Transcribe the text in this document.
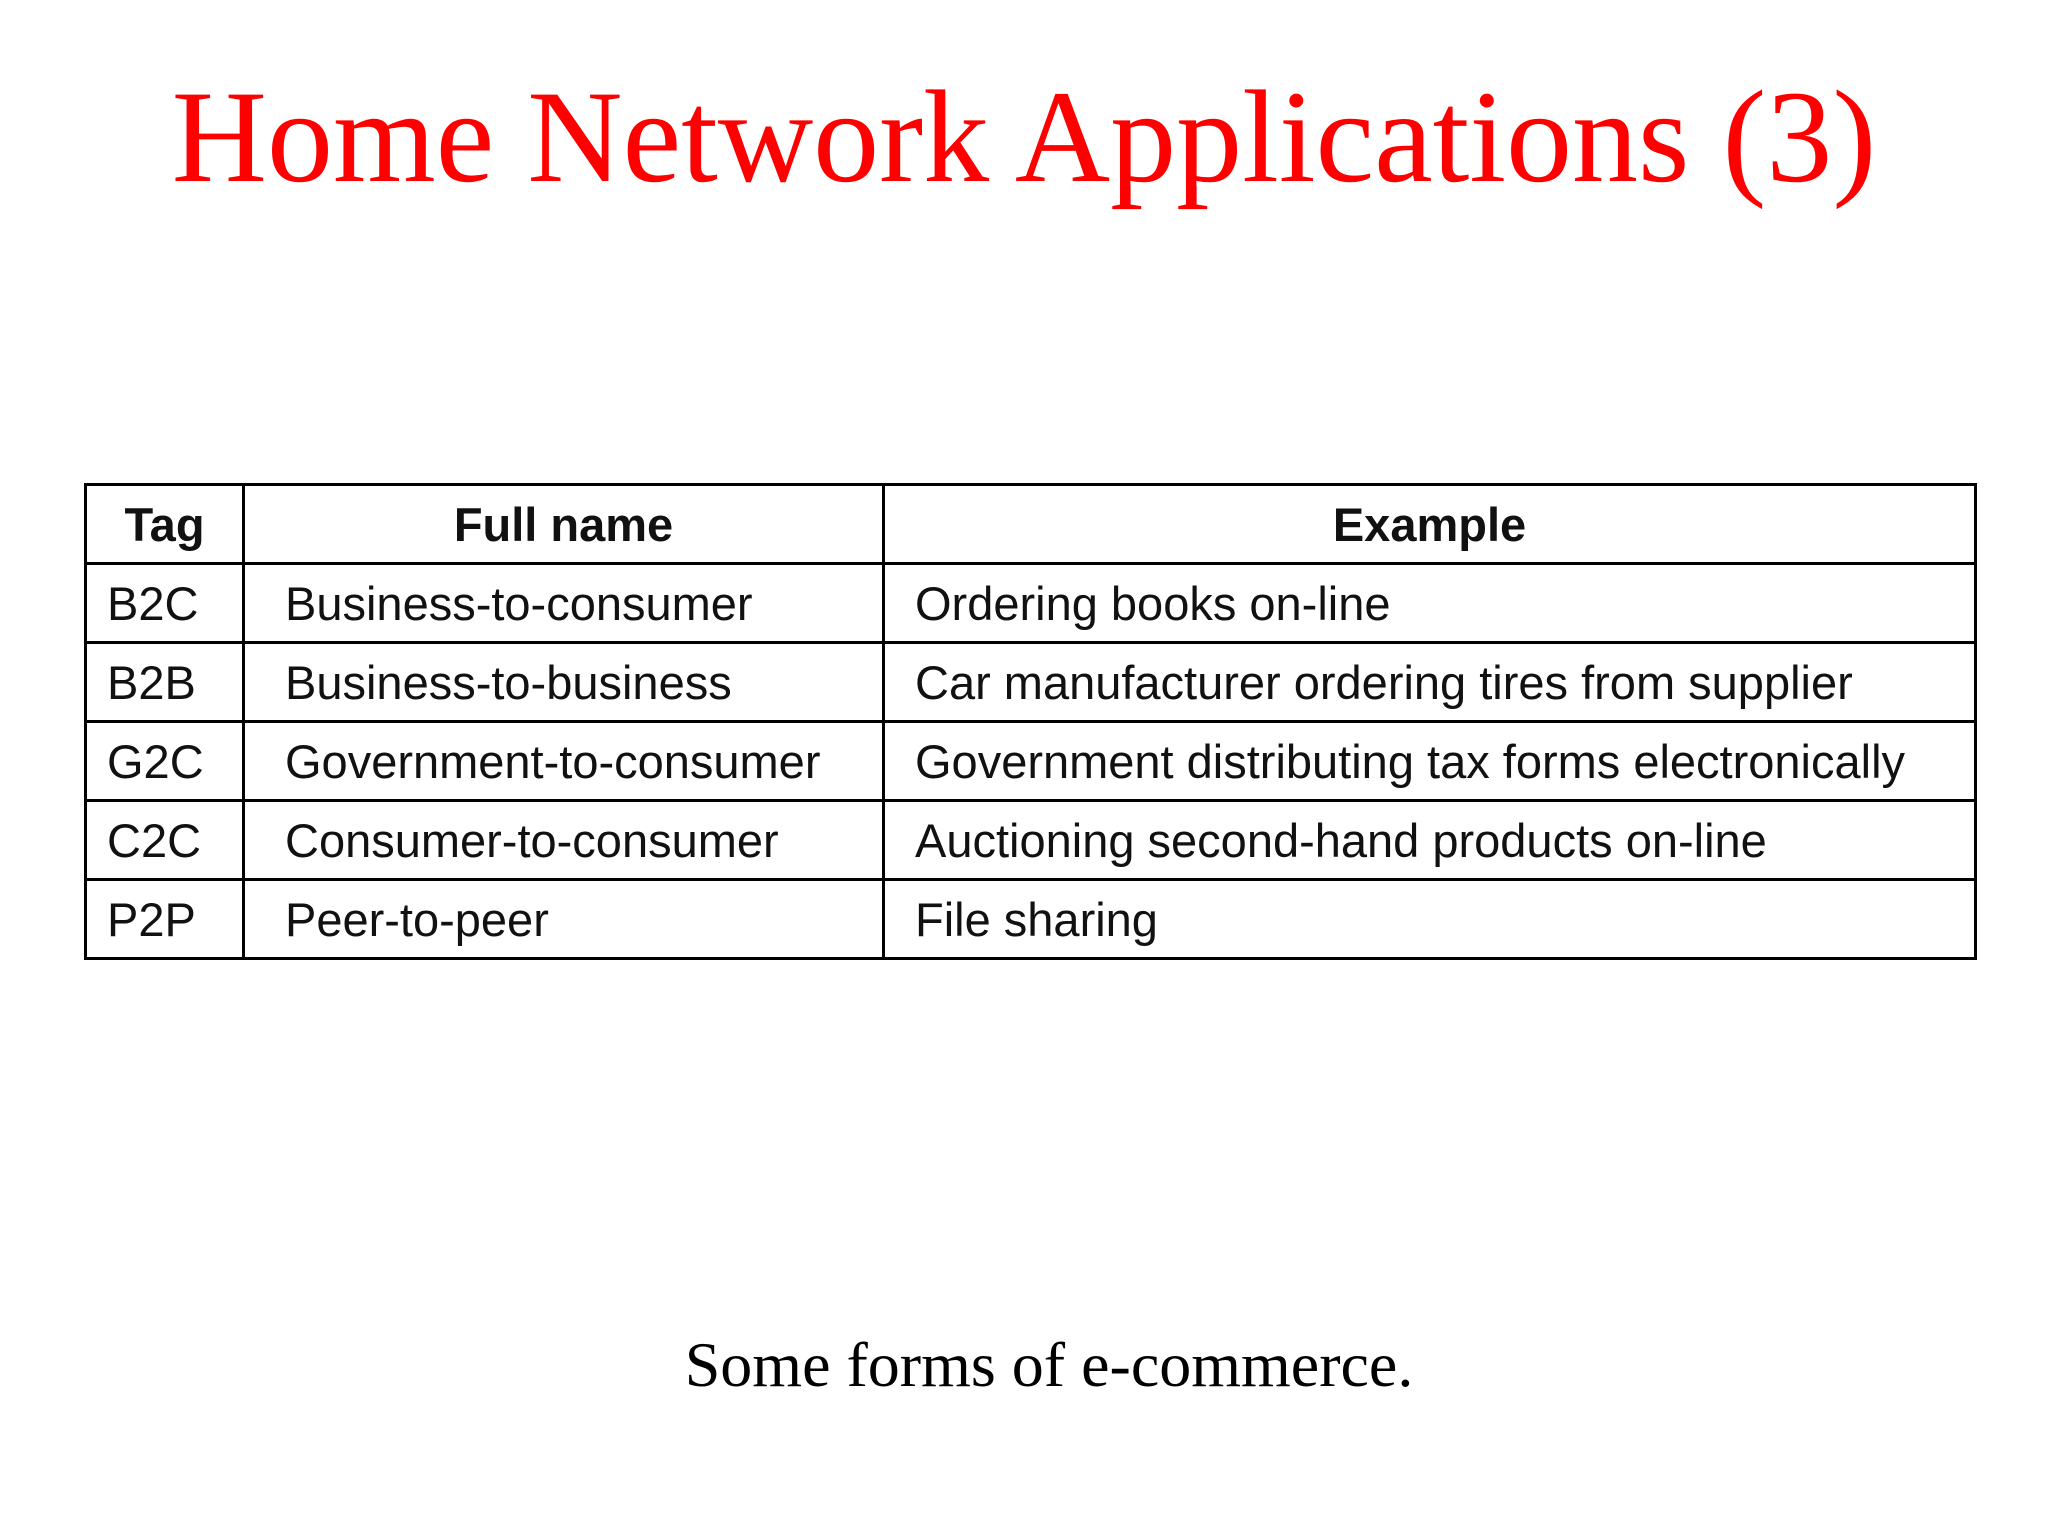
Home Network Applications (3)
Tag	Full name	Example
B2C	Business-to-consumer	Ordering books on-line
B2B	Business-to-business	Car manufacturer ordering tires from supplier
G2C	Government-to-consumer	Government distributing tax forms electronically
C2C	Consumer-to-consumer	Auctioning second-hand products on-line
P2P	Peer-to-peer	File sharing
Some forms of e-commerce.
